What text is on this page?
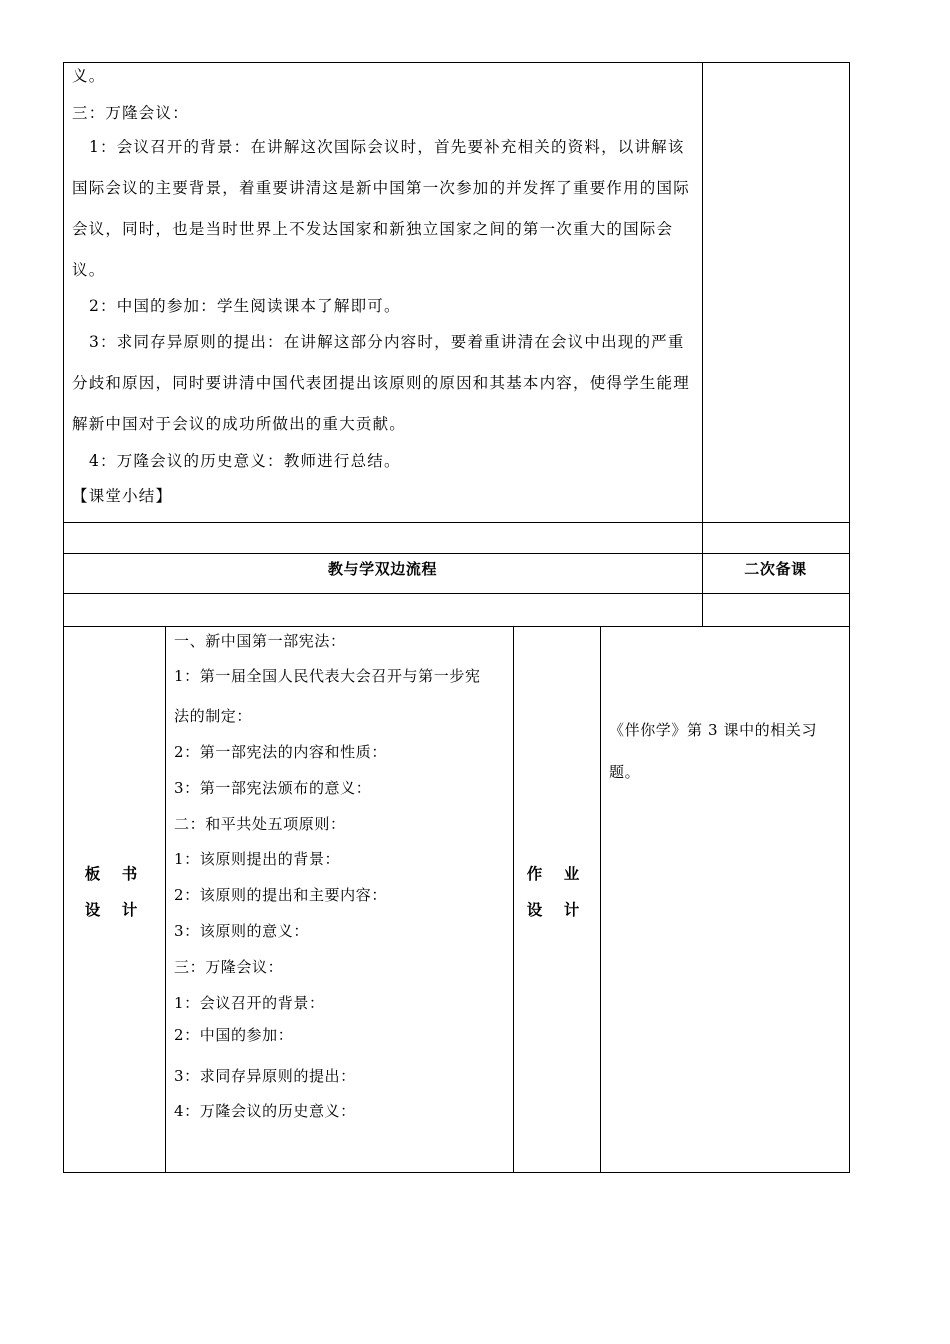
义。
三：万隆会议：
1：会议召开的背景：在讲解这次国际会议时，首先要补充相关的资料，以讲解该
国际会议的主要背景，着重要讲清这是新中国第一次参加的并发挥了重要作用的国际
会议，同时，也是当时世界上不发达国家和新独立国家之间的第一次重大的国际会
议。
2：中国的参加：学生阅读课本了解即可。
3：求同存异原则的提出：在讲解这部分内容时，要着重讲清在会议中出现的严重
分歧和原因，同时要讲清中国代表团提出该原则的原因和其基本内容，使得学生能理
解新中国对于会议的成功所做出的重大贡献。
4：万隆会议的历史意义：教师进行总结。
【课堂小结】
教与学双边流程	二次备课
板 书
设 计
一、新中国第一部宪法：
1：第一届全国人民代表大会召开与第一步宪
法的制定：
2：第一部宪法的内容和性质：
3：第一部宪法颁布的意义：
二：和平共处五项原则：
1：该原则提出的背景：
2：该原则的提出和主要内容：
3：该原则的意义：
三：万隆会议：
1：会议召开的背景：
2：中国的参加：
3：求同存异原则的提出：
4：万隆会议的历史意义：
作 业
设 计
《伴你学》第 3 课中的相关习
题。
